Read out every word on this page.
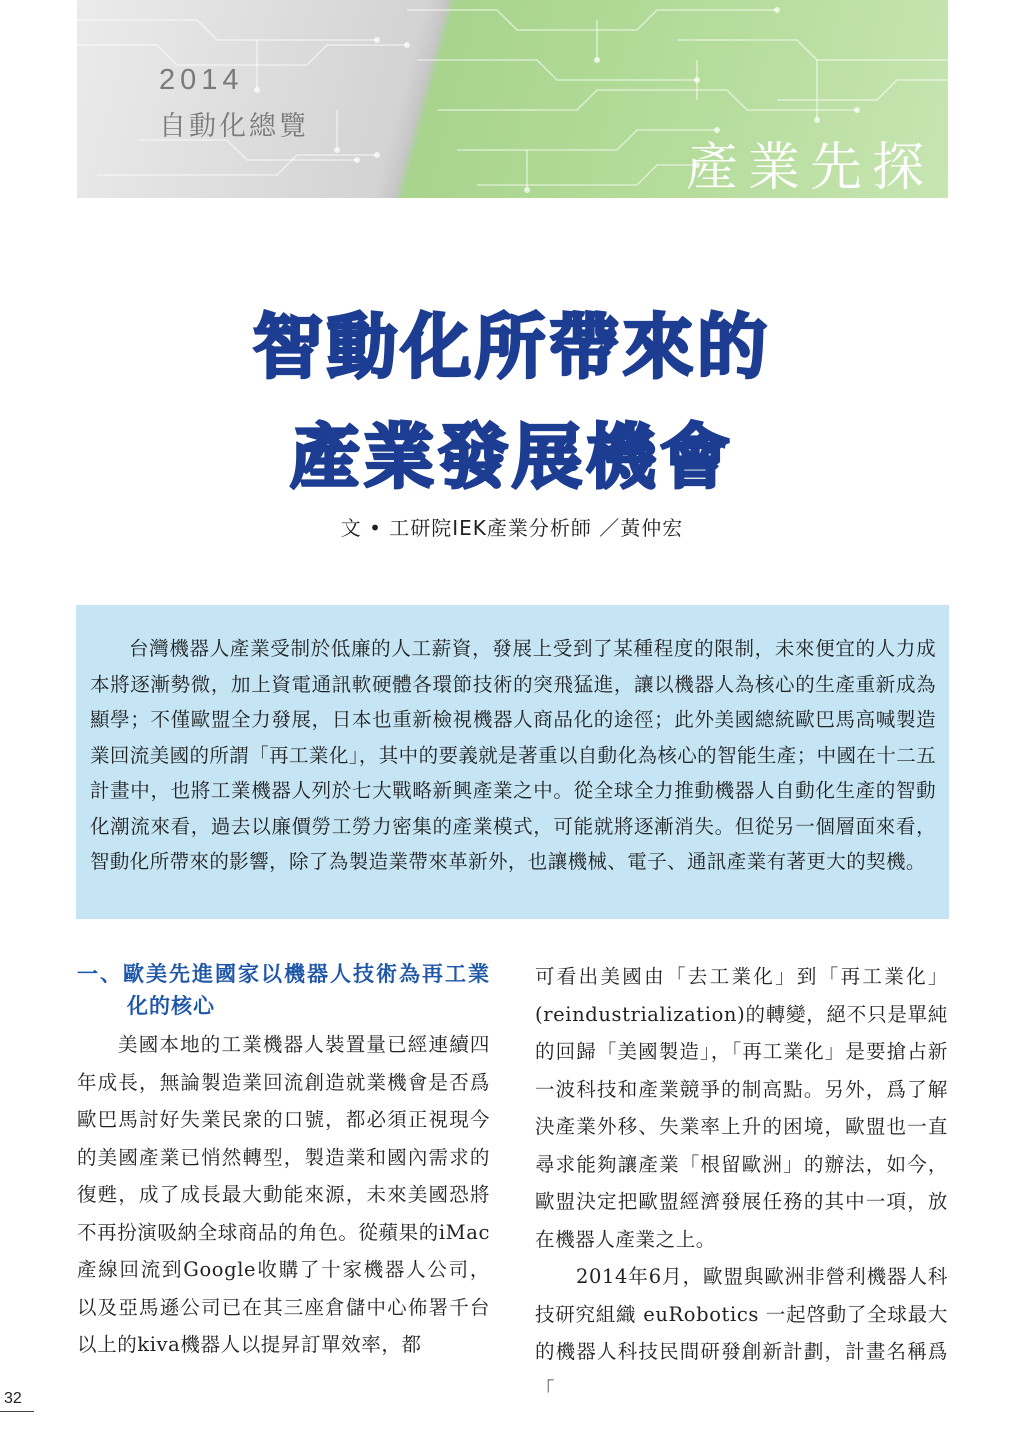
2014
自動化總覽
產業先探
智動化所帶來的
產業發展機會
文 • 工研院IEK產業分析師 ／黃仲宏

台灣機器人產業受制於低廉的人工薪資，發展上受到了某種程度的限制，未來便宜的人力成本將逐漸勢微，加上資電通訊軟硬體各環節技術的突飛猛進，讓以機器人為核心的生產重新成為顯學；不僅歐盟全力發展，日本也重新檢視機器人商品化的途徑；此外美國總統歐巴馬高喊製造業回流美國的所謂「再工業化」，其中的要義就是著重以自動化為核心的智能生產；中國在十二五計畫中，也將工業機器人列於七大戰略新興產業之中。從全球全力推動機器人自動化生產的智動化潮流來看，過去以廉價勞工勞力密集的產業模式，可能就將逐漸消失。但從另一個層面來看，智動化所帶來的影響，除了為製造業帶來革新外，也讓機械、電子、通訊產業有著更大的契機。

一、歐美先進國家以機器人技術為再工業化的核心

美國本地的工業機器人裝置量已經連續四年成長，無論製造業回流創造就業機會是否爲歐巴馬討好失業民衆的口號，都必須正視現今的美國產業已悄然轉型，製造業和國內需求的復甦，成了成長最大動能來源，未來美國恐將不再扮演吸納全球商品的角色。從蘋果的iMac產線回流到Google收購了十家機器人公司，以及亞馬遜公司已在其三座倉儲中心佈署千台以上的kiva機器人以提昇訂單效率，都

可看出美國由「去工業化」到「再工業化」(reindustrialization)的轉變，絕不只是單純的回歸「美國製造」，「再工業化」是要搶占新一波科技和產業競爭的制高點。另外，爲了解決產業外移、失業率上升的困境，歐盟也一直尋求能夠讓產業「根留歐洲」的辦法，如今，歐盟決定把歐盟經濟發展任務的其中一項，放在機器人產業之上。

2014年6月，歐盟與歐洲非營利機器人科技研究組織 euRobotics 一起啓動了全球最大的機器人科技民間研發創新計劃，計畫名稱爲「

32
